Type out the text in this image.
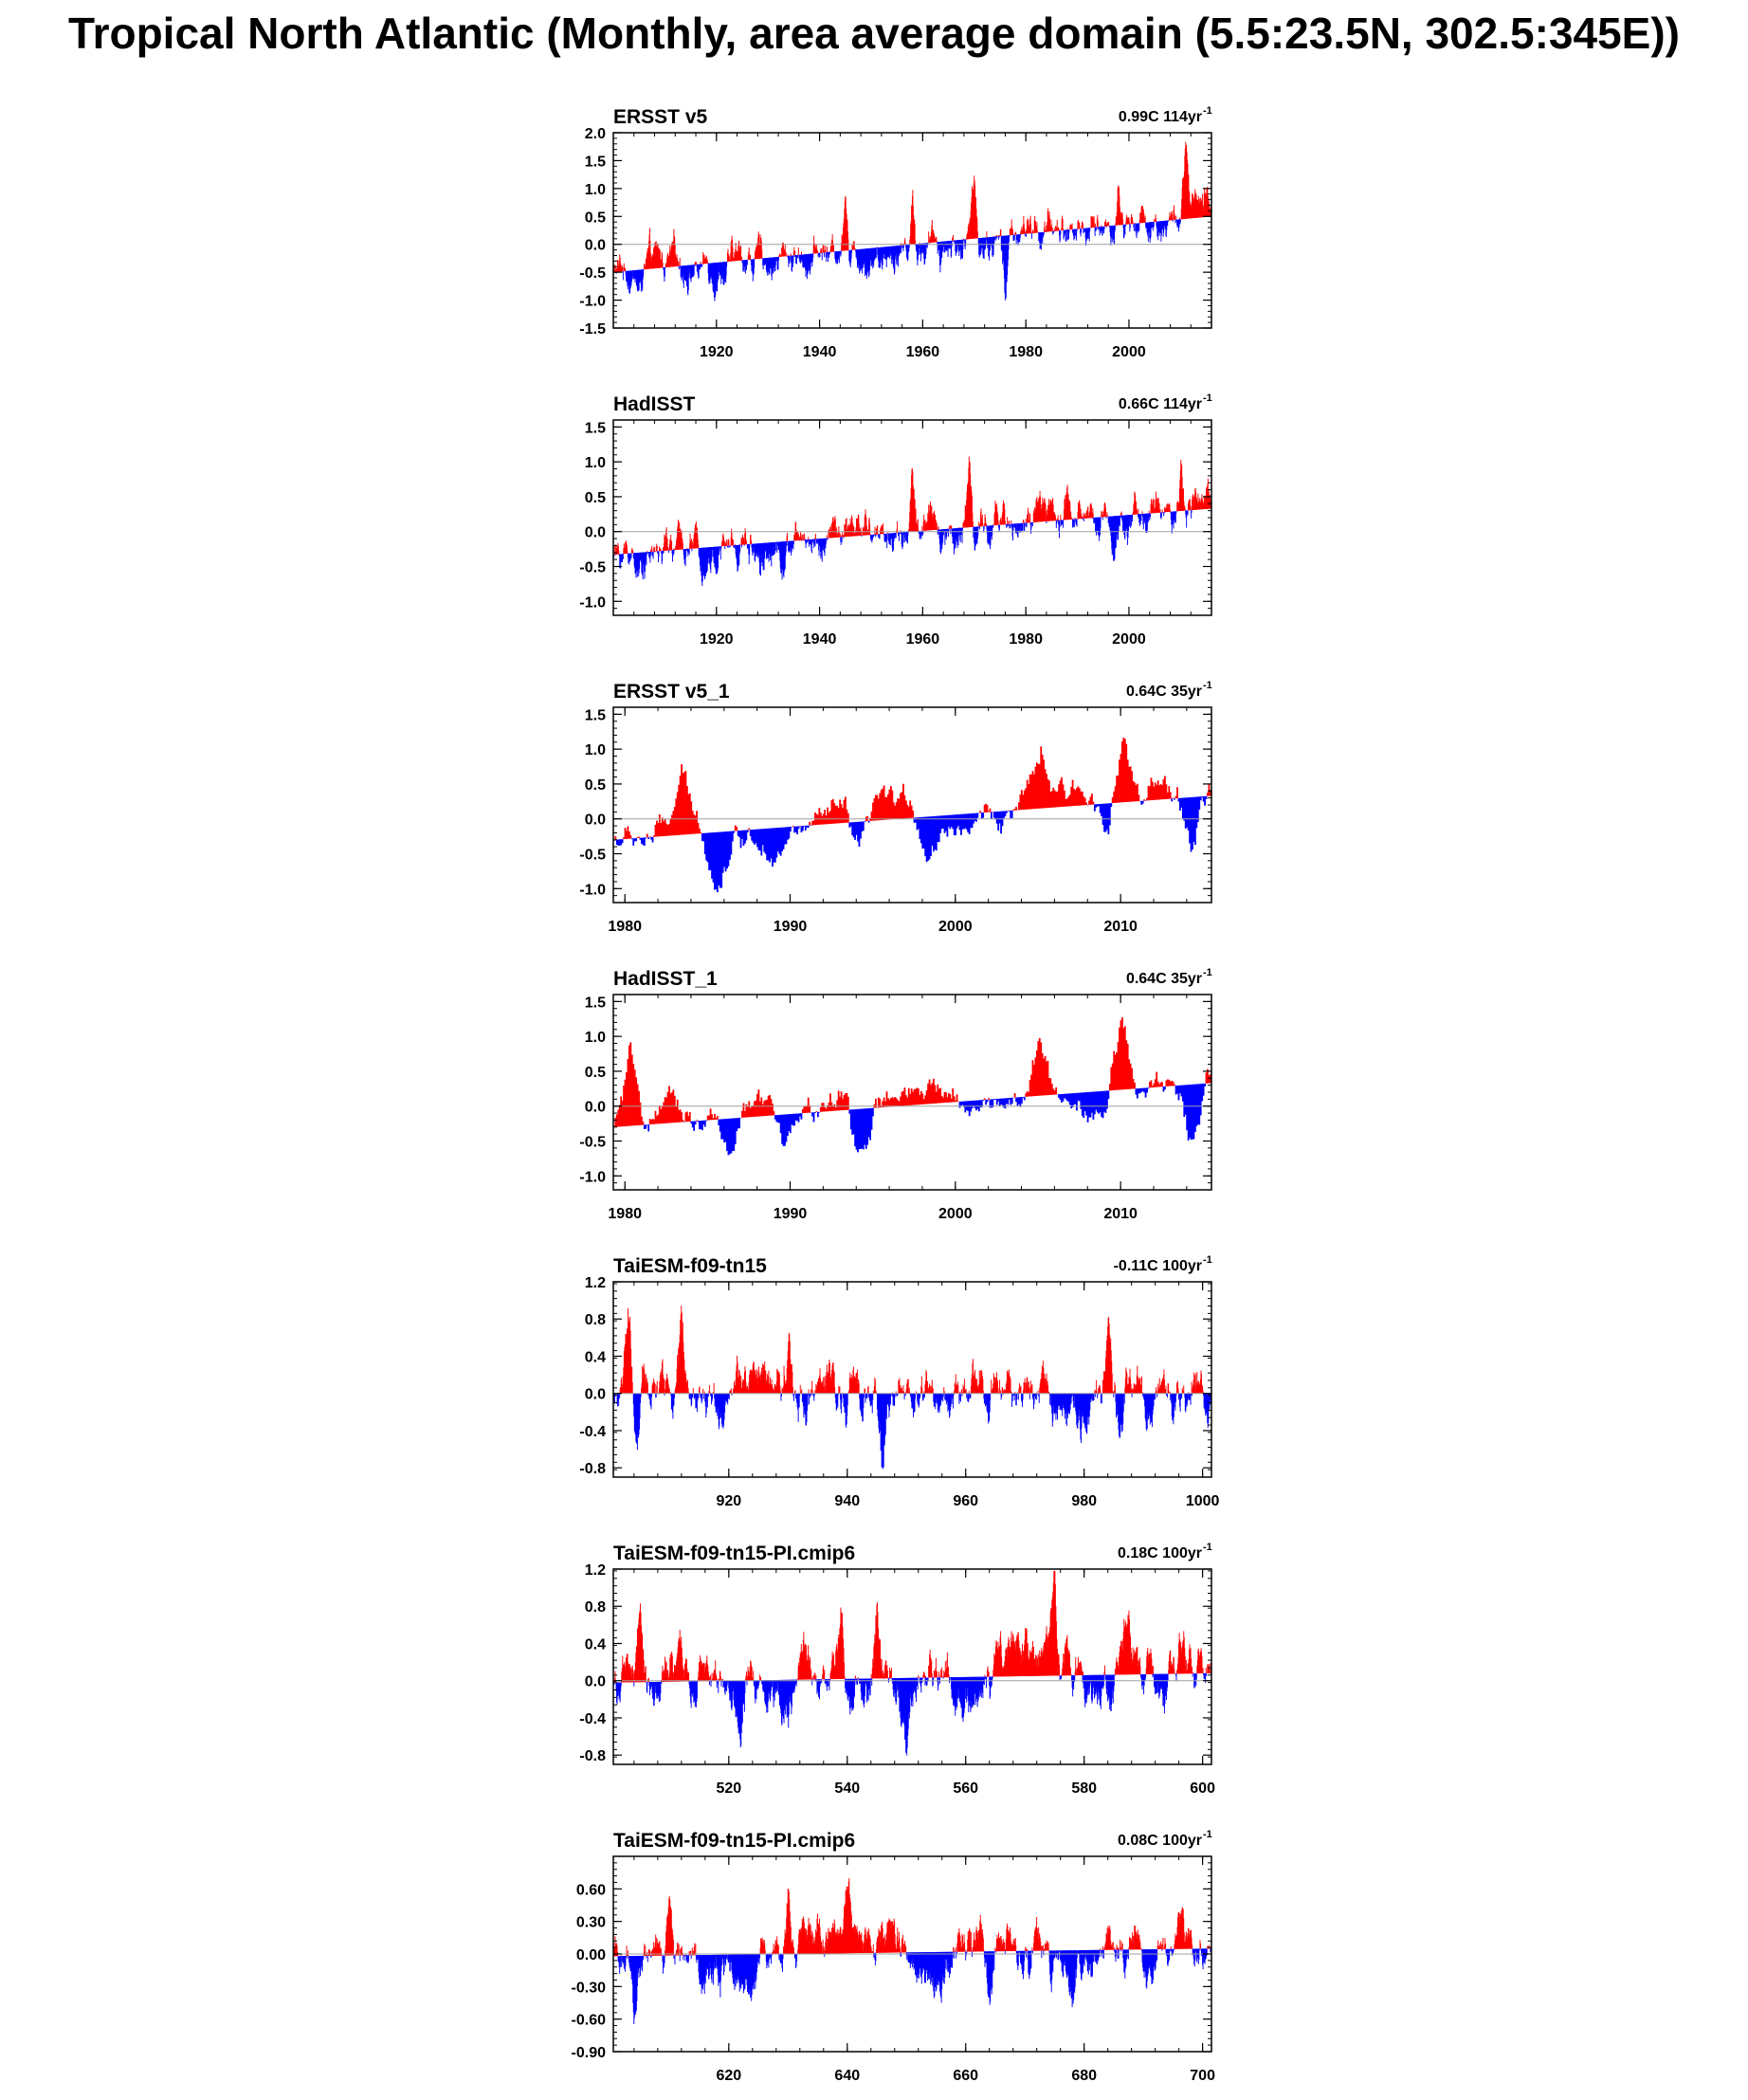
Tropical North Atlantic (Monthly, area average domain (5.5:23.5N, 302.5:345E))
2.0
1.5
1.0
0.5
0.0
-0.5
-1.0
-1.5
1920	1940	1960	1980	2000
ERSST v5	0.99C 114yr -1
1.5
1.0
0.5
0.0
-0.5
-1.0
1920	1940	1960	1980	2000
HadISST	0.66C 114yr -1
1.5
1.0
0.5
0.0
-0.5
-1.0
1980	1990	2000	2010
ERSST v5_1	0.64C 35yr -1
1.5
1.0
0.5
0.0
-0.5
-1.0
1980	1990	2000	2010
HadISST_1	0.64C 35yr -1
1.2
0.8
0.4
0.0
-0.4
-0.8
920	940	960	980	1000
TaiESM-f09-tn15	-0.11C 100yr -1
1.2
0.8
0.4
0.0
-0.4
-0.8
520	540	560	580	600
TaiESM-f09-tn15-PI.cmip6	0.18C 100yr -1
0.60
0.30
0.00
-0.30
-0.60
-0.90
620	640	660	680	700
TaiESM-f09-tn15-PI.cmip6	0.08C 100yr -1
